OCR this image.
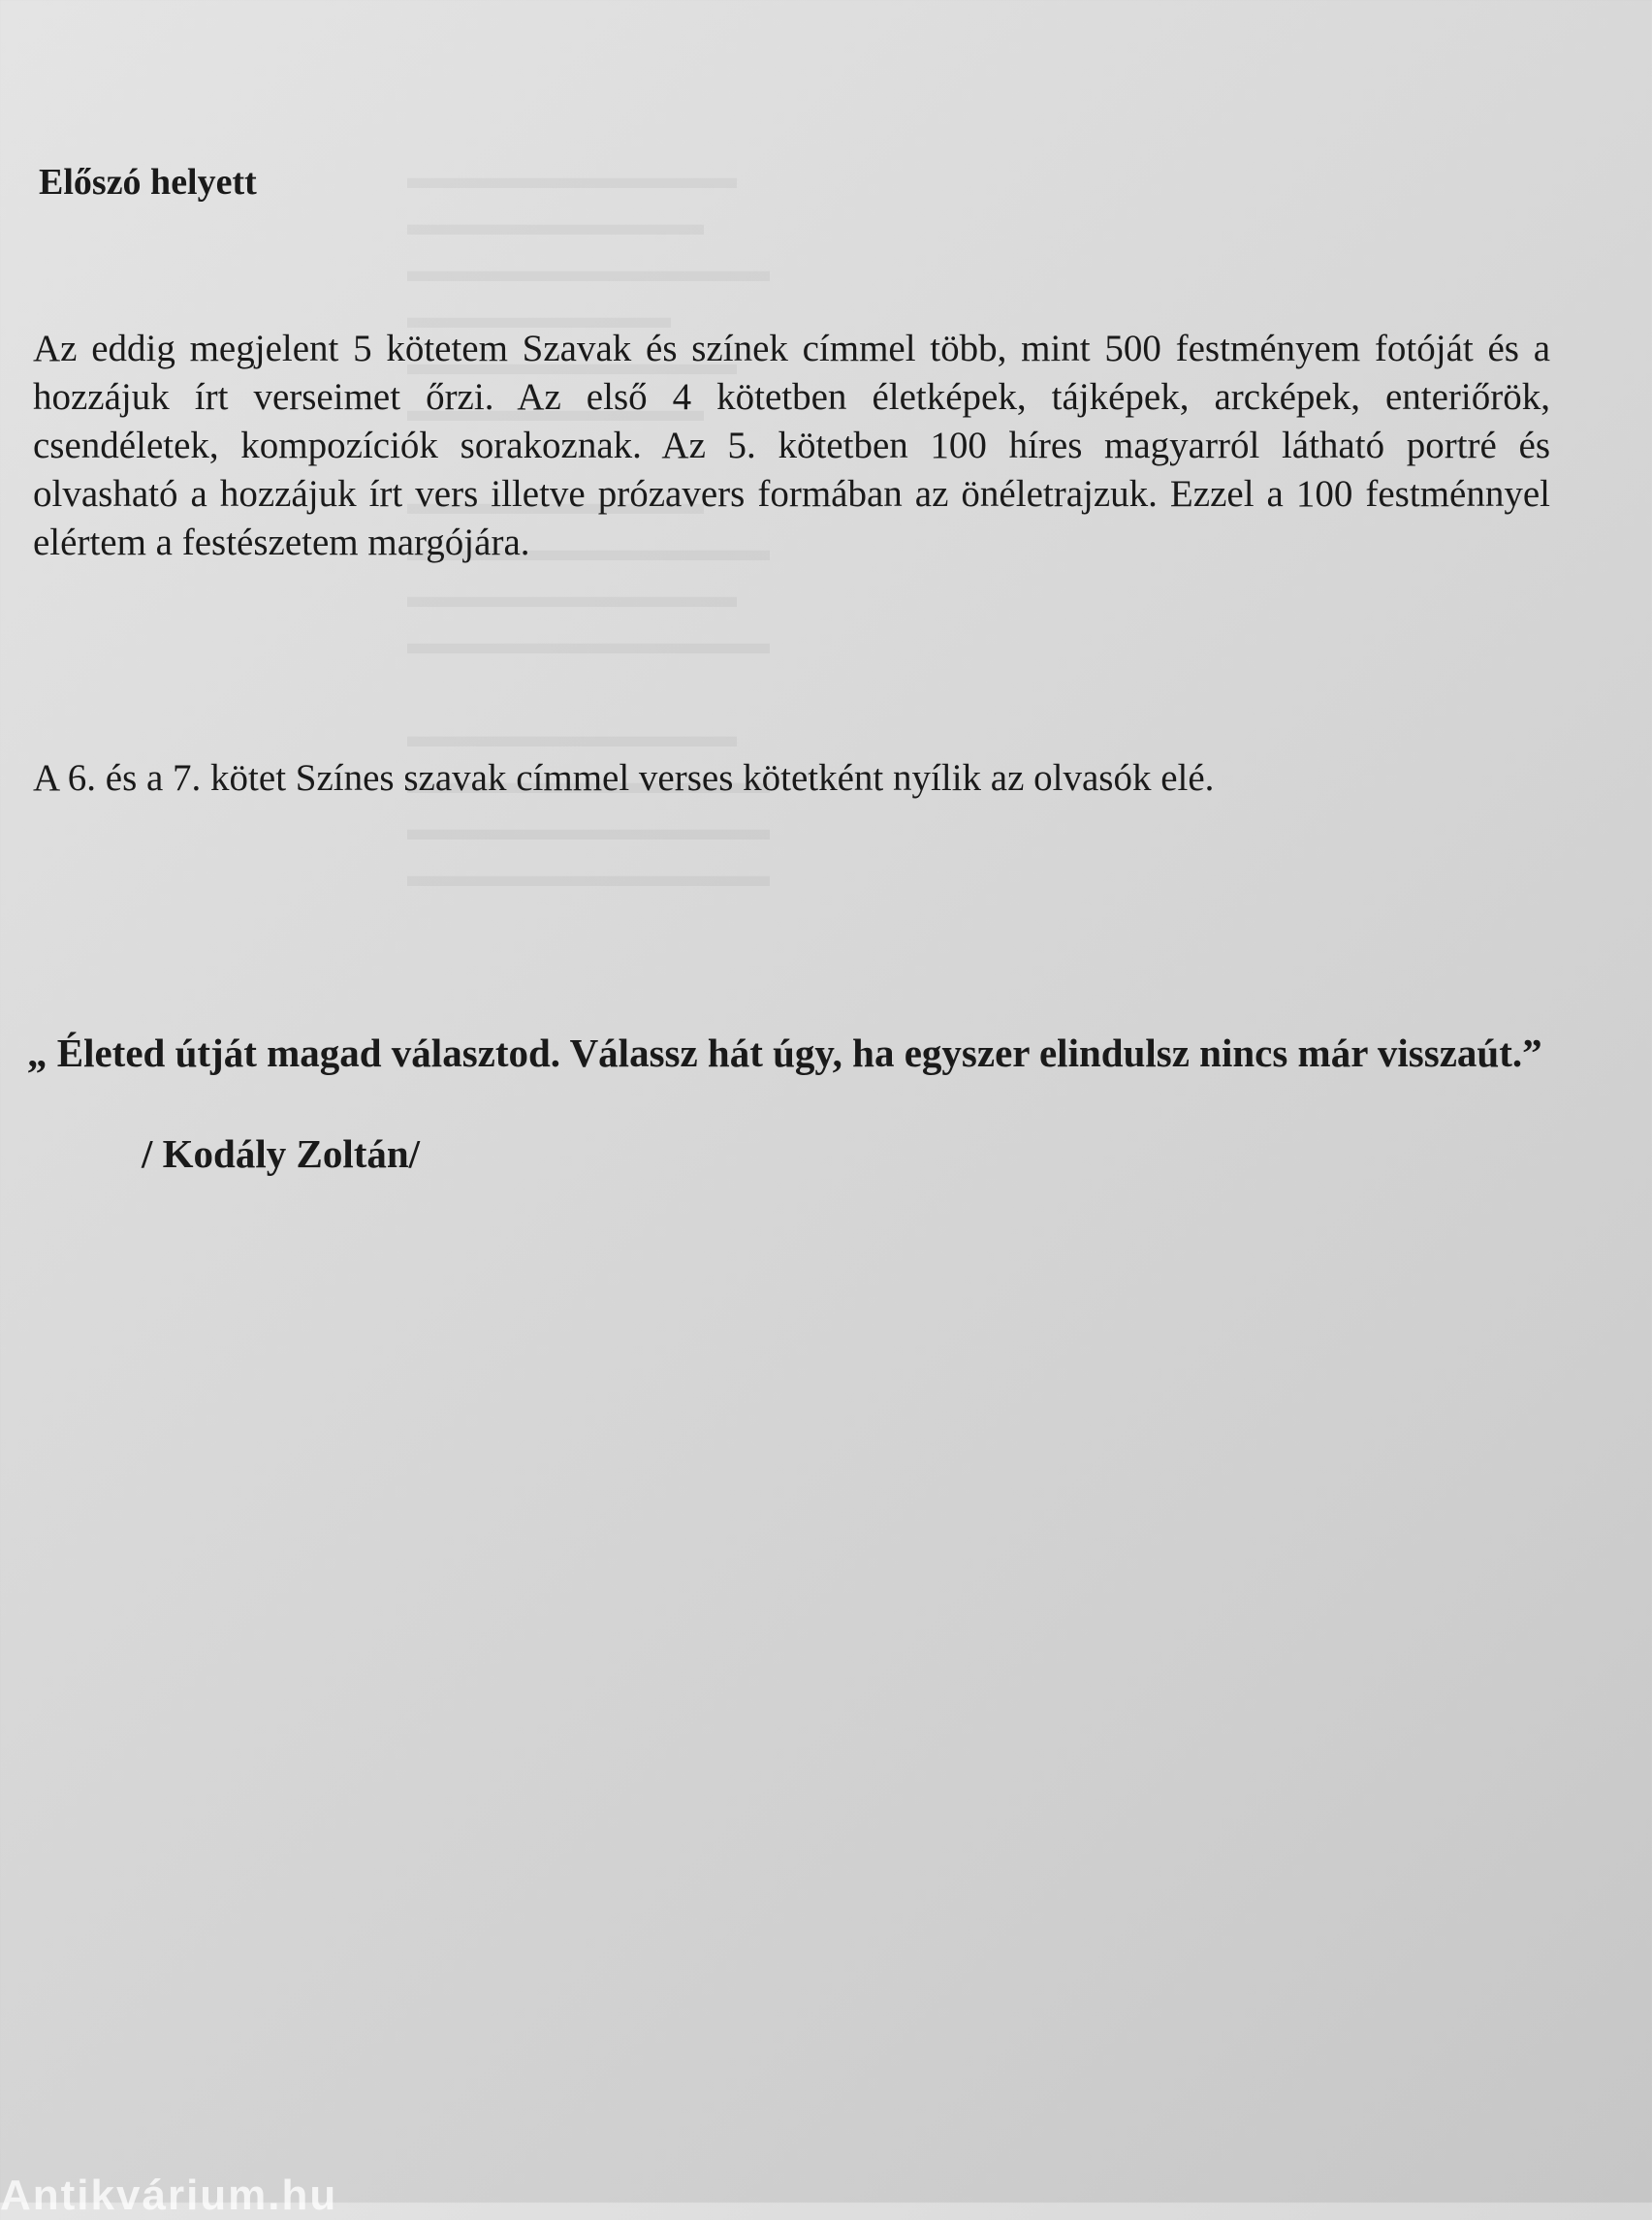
Előszó helyett

Az eddig megjelent 5 kötetem Szavak és színek címmel több, mint 500 festményem fotóját és a hozzájuk írt verseimet őrzi. Az első 4 kötetben életképek, tájképek, arcképek, enteriőrök, csendéletek, kompozíciók sorakoznak. Az 5. kötetben 100 híres magyarról látható portré és olvasható a hozzájuk írt vers illetve prózavers formában az önéletrajzuk. Ezzel a 100 festménnyel elértem a festészetem margójára.

A 6. és a 7. kötet Színes szavak címmel verses kötetként nyílik az olvasók elé.

„ Életed útját magad választod. Válassz hát úgy, ha egyszer elindulsz nincs már visszaút.”

/ Kodály Zoltán/

Antikvárium.hu
